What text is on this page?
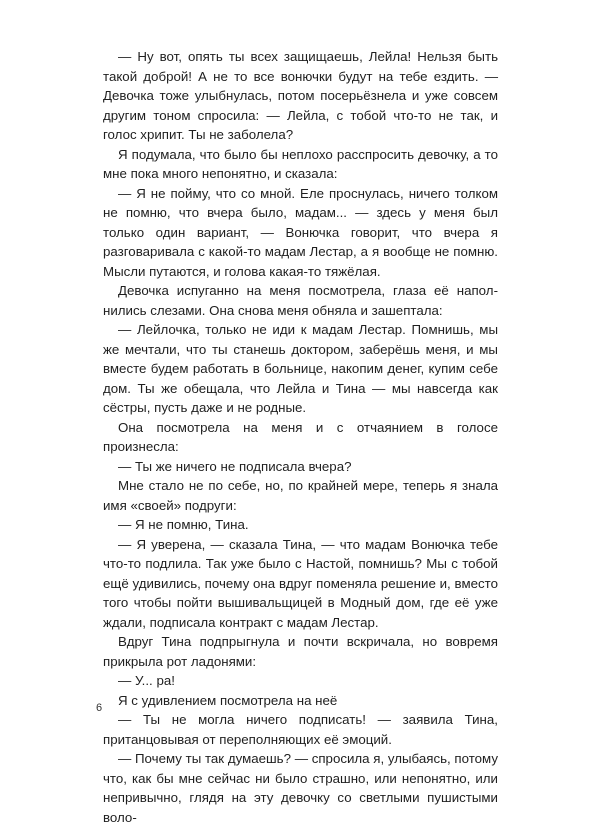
— Ну вот, опять ты всех защищаешь, Лейла! Нельзя быть такой доброй! А не то все вонючки будут на тебе ездить. — Девочка тоже улыбнулась, потом посерьёзнела и уже совсем другим тоном спросила: — Лейла, с тобой что-то не так, и голос хрипит. Ты не заболела?

Я подумала, что было бы неплохо расспросить девочку, а то мне пока много непонятно, и сказала:

— Я не пойму, что со мной. Еле проснулась, ничего толком не помню, что вчера было, мадам... — здесь у меня был только один вариант, — Вонючка говорит, что вчера я разговаривала с какой-то мадам Лестар, а я вообще не помню. Мысли путаются, и голова какая-то тяжёлая.

Девочка испуганно на меня посмотрела, глаза её наполнились слезами. Она снова меня обняла и зашептала:

— Лейлочка, только не иди к мадам Лестар. Помнишь, мы же мечтали, что ты станешь доктором, заберёшь меня, и мы вместе будем работать в больнице, накопим денег, купим себе дом. Ты же обещала, что Лейла и Тина — мы навсегда как сёстры, пусть даже и не родные.

Она посмотрела на меня и с отчаянием в голосе произнесла:

— Ты же ничего не подписала вчера?

Мне стало не по себе, но, по крайней мере, теперь я знала имя «своей» подруги:

— Я не помню, Тина.

— Я уверена, — сказала Тина, — что мадам Вонючка тебе что-то подлила. Так уже было с Настой, помнишь? Мы с тобой ещё удивились, почему она вдруг поменяла решение и, вместо того чтобы пойти вышивальщицей в Модный дом, где её уже ждали, подписала контракт с мадам Лестар.

Вдруг Тина подпрыгнула и почти вскричала, но вовремя прикрыла рот ладонями:

— У... ра!

Я с удивлением посмотрела на неё

— Ты не могла ничего подписать! — заявила Тина, пританцовывая от переполняющих её эмоций.

— Почему ты так думаешь? — спросила я, улыбаясь, потому что, как бы мне сейчас ни было страшно, или непонятно, или непривычно, глядя на эту девочку со светлыми пушистыми воло-

6
